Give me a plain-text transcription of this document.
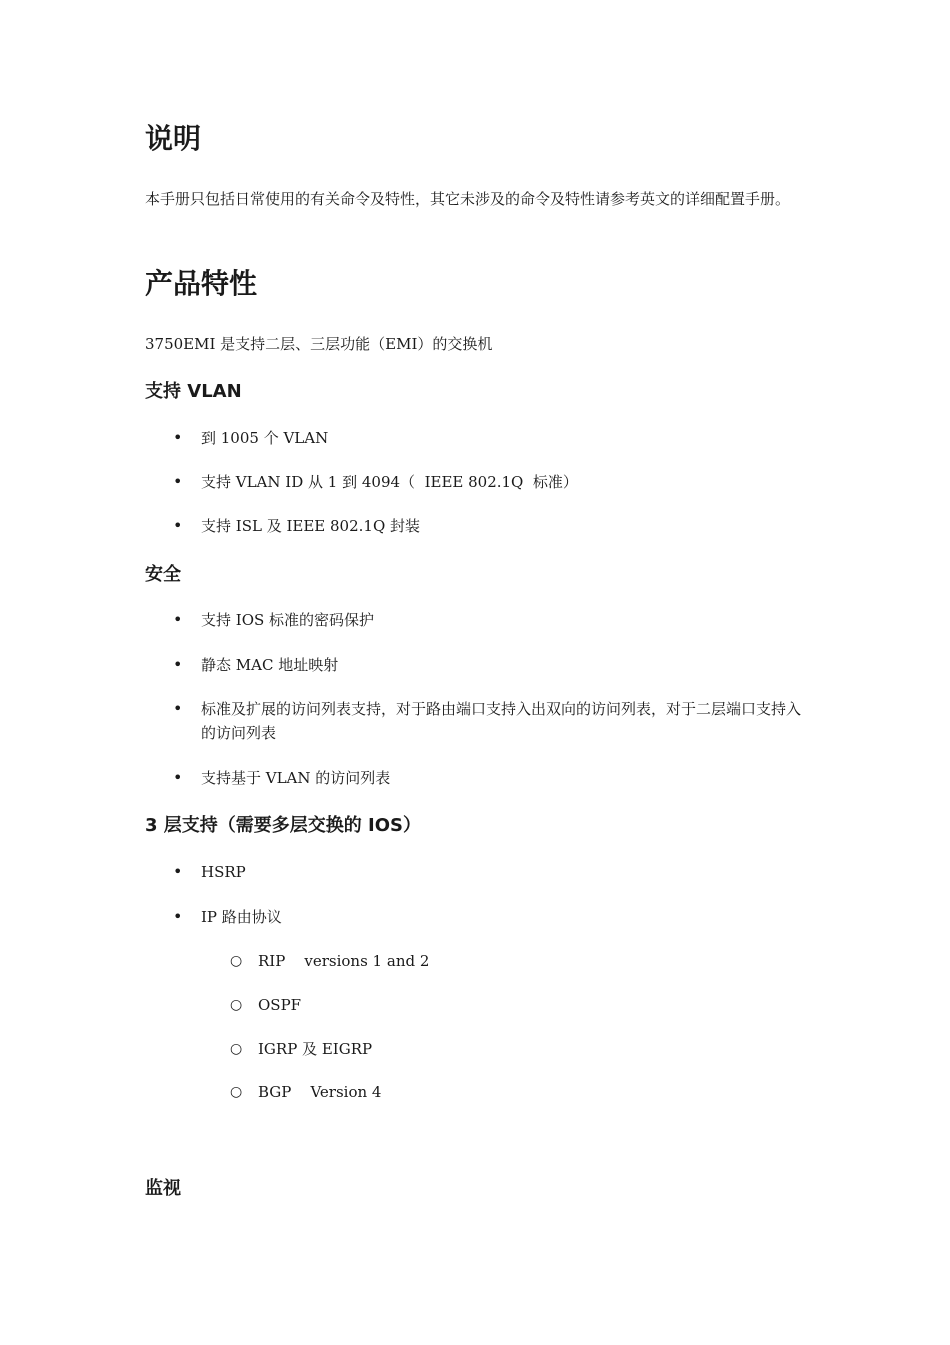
说明

本手册只包括日常使用的有关命令及特性，其它未涉及的命令及特性请参考英文的详细配置手册。

产品特性

3750EMI 是支持二层、三层功能（EMI）的交换机

支持 VLAN
• 到 1005 个 VLAN
• 支持 VLAN ID 从 1 到 4094（  IEEE 802.1Q  标准）
• 支持 ISL 及 IEEE 802.1Q 封装
安全
• 支持 IOS 标准的密码保护
• 静态 MAC 地址映射
• 标准及扩展的访问列表支持，对于路由端口支持入出双向的访问列表，对于二层端口支持入的访问列表
• 支持基于 VLAN 的访问列表
3 层支持（需要多层交换的 IOS）
• HSRP
• IP 路由协议
○ RIP    versions 1 and 2
○ OSPF
○ IGRP 及 EIGRP
○ BGP    Version 4
监视
